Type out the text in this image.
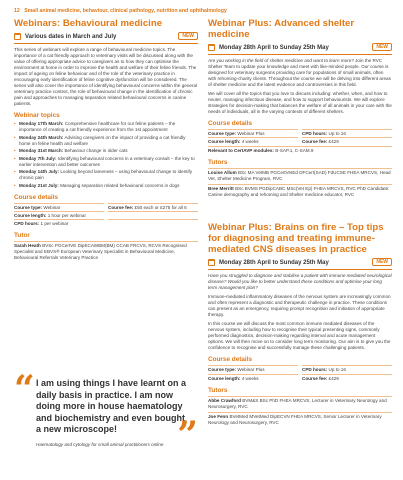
12 Small animal medicine, behaviour, clinical pathology, nutrition and ophthalmology
Webinars: Behavioural medicine
Various dates in March and July	NEW

This series of webinars will explore a range of behavioural medicine topics. The importance of a cat friendly approach to veterinary visits will be discussed along with the value of offering appropriate advice to caregivers as to how they can optimise the environment at home in order to improve the health and welfare of their feline friends. The impact of ageing on feline behaviour and of the role of the veterinary practice in encouraging early identification of feline cognitive dysfunction will be considered. The series will also cover the importance of identifying behavioural concerns within the general veterinary practice context, the role of behavioural change in the identification of chronic pain and approaches to managing separation related behavioural concerns in canine patients.

Webinar topics
• Monday 17th March: Comprehensive healthcare for our feline patients – the importance of creating a cat friendly experience from the 1st appointment
• Monday 24th March: Advising caregivers on the impact of providing a cat friendly home on feline health and welfare
• Monday 31st March: Behaviour change in older cats
• Monday 7th July: Identifying behavioural concerns in a veterinary consult – the key to earlier intervention and better outcomes
• Monday 14th July: Looking beyond lameness – using behavioural change to identify chronic pain
• Monday 21st July: Managing separation related behavioural concerns in dogs
Course details
Course type: Webinar	Course fee: £50 each or £275 for all 6
Course length: 1 hour per webinar
CPD hours: 1 per webinar
Tutor
Sarah Heath BVSc PGCertVE DipECAWBM(BM) CCAB FRCVS, RCVS Recognised Specialist and EBVS® European Veterinary Specialist in Behavioural Medicine, Behavioural Referrals Veterinary Practice
“ I am using things I have learnt on a daily basis in practice. I am now doing more in house haematology and biochemistry and even bought a new microscope!	”
Haematology and cytology for small animal practitioners online
Webinar Plus: Advanced shelter medicine
Monday 28th April to Sunday 25th May	NEW

Are you working in the field of shelter medicine and want to learn more? Join the RVC Shelter Team to update your knowledge and meet with like-minded people. Our course is designed for veterinary surgeons providing care for populations of small animals, often with rehoming-charity clients. Throughout the course we will be delving into different areas of shelter medicine and the latest evidence and controversies in this field.

We will cover all the topics that you love to discuss including: whether, when, and how to neuter, managing infectious disease, and how to support behaviourists. We will explore strategies for decision-making that balances the welfare of all animals in your care with the needs of individuals, all in the varying contexts of different shelters.

Course details
Course type: Webinar Plus	CPD hours: Up to 16
Course length: 4 weeks	Course fee: £429
Relevant to CertAVP modules: B-SAP.1, C-SAM.9
Tutors
Louise Allum BSc MA VetMB PGCertVetEd DFCert(SAD) FdUCSE FHEA MRCVS, Head Vet, Shelter Medicine Program, RVC
Bree Merritt BSc BVMS PGDipCABC MSc(Vet Ep) FHEA MRCVS, RVC PhD Candidate: Canine demography and rehoming and Shelter medicine educator, RVC
Webinar Plus: Brains on fire – Top tips for diagnosing and treating immune-mediated CNS diseases in practice
Monday 28th April to Sunday 25th May	NEW

Have you struggled to diagnose and stabilise a patient with immune mediated neurological disease? Would you like to better understand these conditions and optimise your long term management plan?

Immune-mediated inflammatory diseases of the nervous system are increasingly common and often represent a diagnostic and therapeutic challenge in practice. These conditions can present as an emergency, requiring prompt recognition and initiation of appropriate therapy.

In this course we will discuss the most common immune mediated diseases of the nervous system, including how to recognise their typical presenting signs, commonly performed diagnostics, decision-making regarding interval and acute management options. We will then move on to consider long term monitoring. Our aim is to give you the confidence to recognise and successfully manage these challenging patients.

Course details
Course type: Webinar Plus	CPD hours: Up to 16
Course length: 4 weeks	Course fee: £429
Tutors
Abbe Crawford BVM&S BSc PhD FHEA MRCVS, Lecturer in Veterinary Neurology and Neurosurgery, RVC
Joe Fenn BVetMed MVetMed DipECVN FHEA MRCVS, Senior Lecturer in Veterinary Neurology and Neurosurgery, RVC
